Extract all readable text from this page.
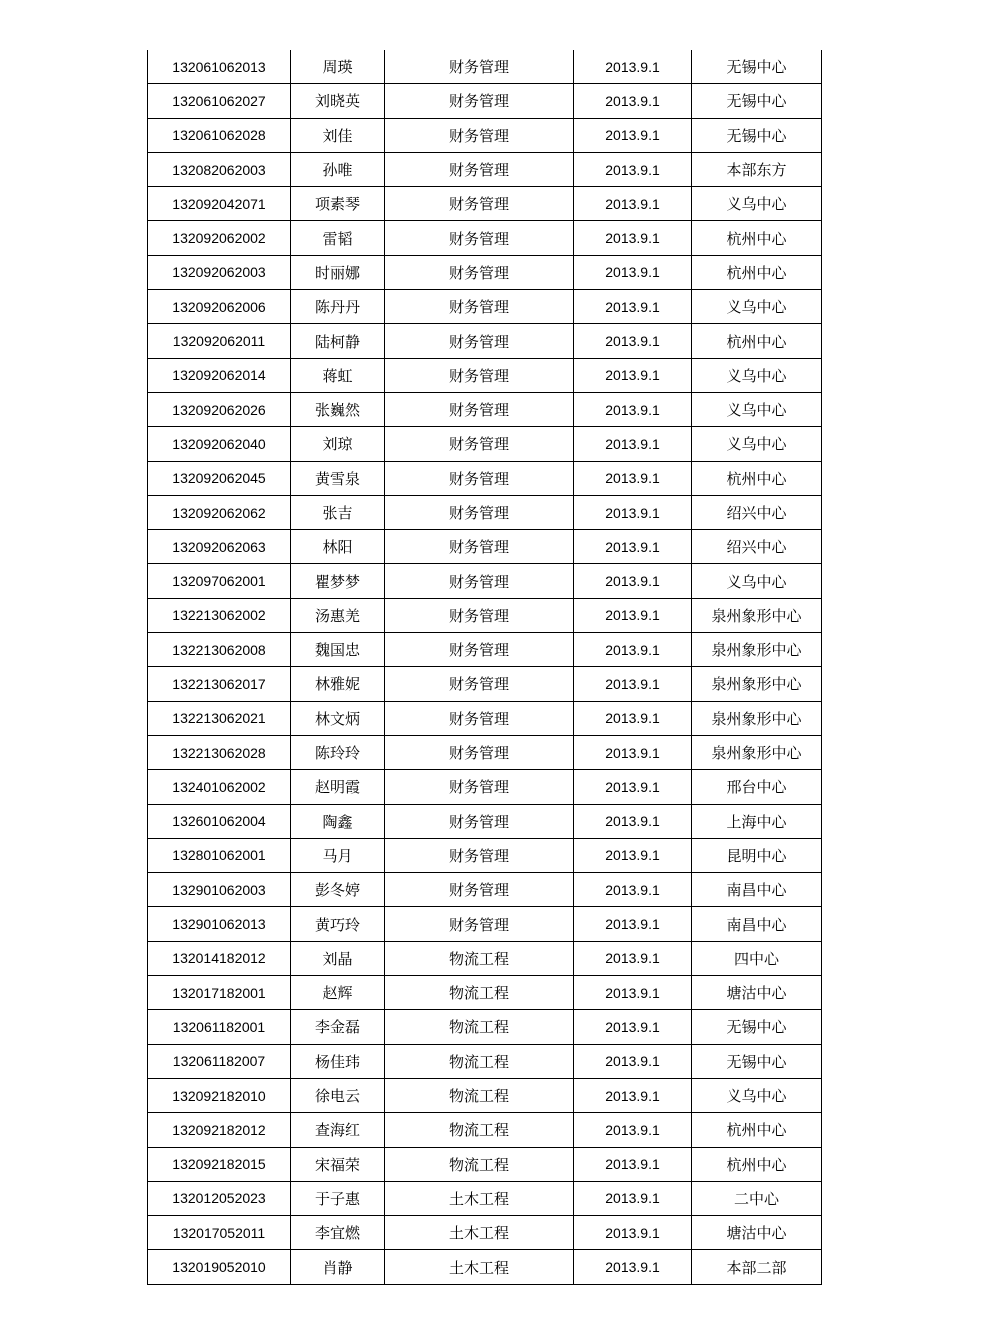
132061062013	周瑛	财务管理	2013.9.1	无锡中心
132061062027	刘晓英	财务管理	2013.9.1	无锡中心
132061062028	刘佳	财务管理	2013.9.1	无锡中心
132082062003	孙唯	财务管理	2013.9.1	本部东方
132092042071	项素琴	财务管理	2013.9.1	义乌中心
132092062002	雷韬	财务管理	2013.9.1	杭州中心
132092062003	时丽娜	财务管理	2013.9.1	杭州中心
132092062006	陈丹丹	财务管理	2013.9.1	义乌中心
132092062011	陆柯静	财务管理	2013.9.1	杭州中心
132092062014	蒋虹	财务管理	2013.9.1	义乌中心
132092062026	张巍然	财务管理	2013.9.1	义乌中心
132092062040	刘琼	财务管理	2013.9.1	义乌中心
132092062045	黄雪泉	财务管理	2013.9.1	杭州中心
132092062062	张吉	财务管理	2013.9.1	绍兴中心
132092062063	林阳	财务管理	2013.9.1	绍兴中心
132097062001	瞿梦梦	财务管理	2013.9.1	义乌中心
132213062002	汤惠羌	财务管理	2013.9.1	泉州象形中心
132213062008	魏国忠	财务管理	2013.9.1	泉州象形中心
132213062017	林雅妮	财务管理	2013.9.1	泉州象形中心
132213062021	林文炳	财务管理	2013.9.1	泉州象形中心
132213062028	陈玲玲	财务管理	2013.9.1	泉州象形中心
132401062002	赵明霞	财务管理	2013.9.1	邢台中心
132601062004	陶鑫	财务管理	2013.9.1	上海中心
132801062001	马月	财务管理	2013.9.1	昆明中心
132901062003	彭冬婷	财务管理	2013.9.1	南昌中心
132901062013	黄巧玲	财务管理	2013.9.1	南昌中心
132014182012	刘晶	物流工程	2013.9.1	四中心
132017182001	赵辉	物流工程	2013.9.1	塘沽中心
132061182001	李金磊	物流工程	2013.9.1	无锡中心
132061182007	杨佳玮	物流工程	2013.9.1	无锡中心
132092182010	徐电云	物流工程	2013.9.1	义乌中心
132092182012	查海红	物流工程	2013.9.1	杭州中心
132092182015	宋福荣	物流工程	2013.9.1	杭州中心
132012052023	于子惠	土木工程	2013.9.1	二中心
132017052011	李宜燃	土木工程	2013.9.1	塘沽中心
132019052010	肖静	土木工程	2013.9.1	本部二部
